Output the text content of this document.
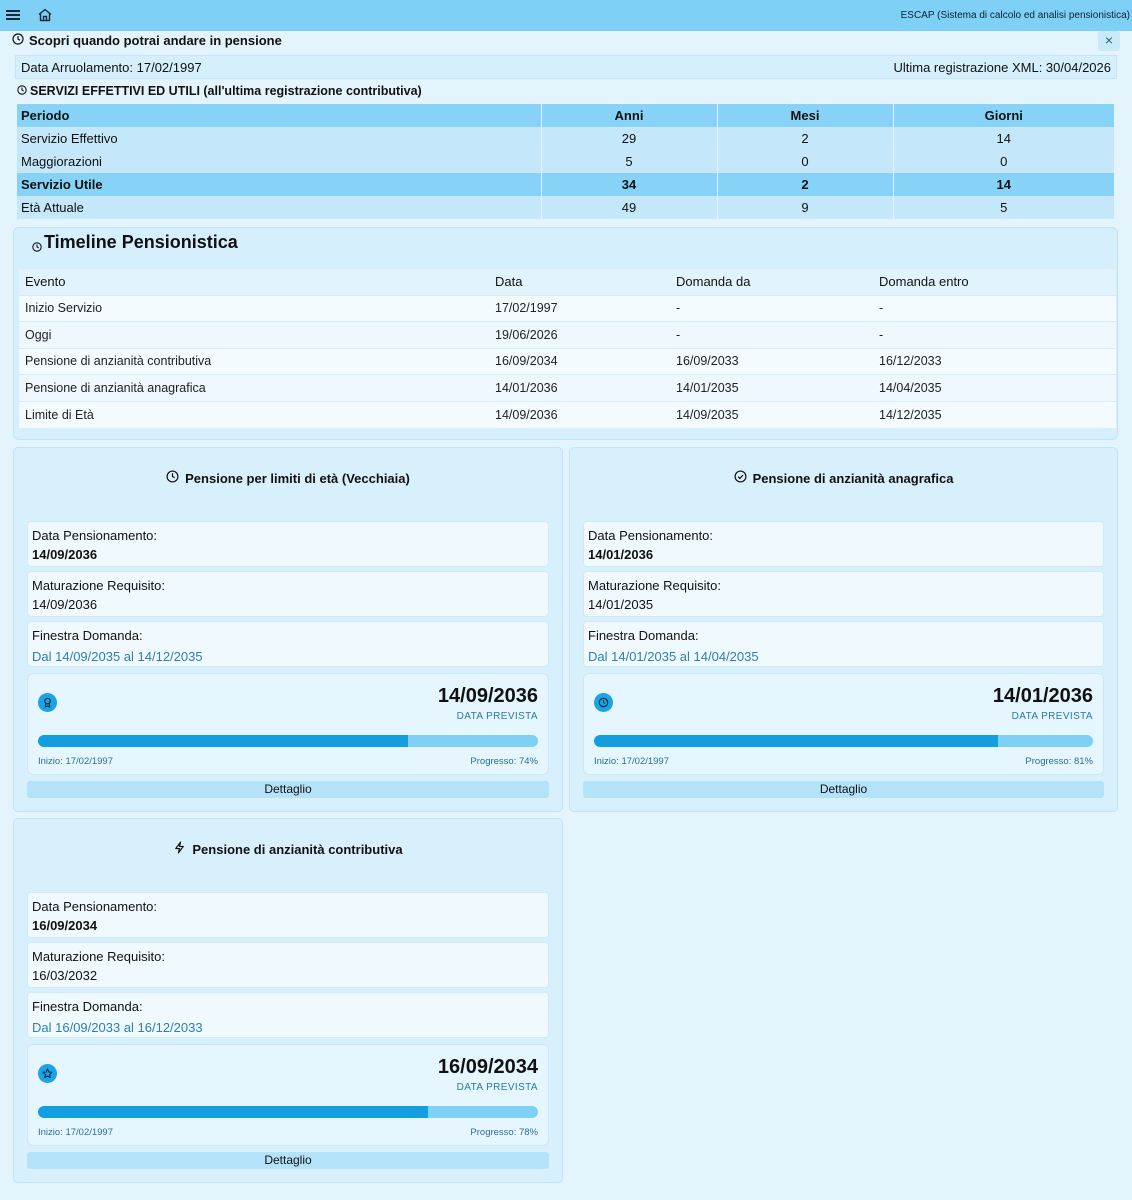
ESCAP (Sistema di calcolo ed analisi pensionistica)
Scopri quando potrai andare in pensione	×
Data Arruolamento: 17/02/1997	Ultima registrazione XML: 30/04/2026
SERVIZI EFFETTIVI ED UTILI (all'ultima registrazione contributiva)
Periodo	Anni	Mesi	Giorni
Servizio Effettivo	29	2	14
Maggiorazioni	5	0	0
Servizio Utile	34	2	14
Età Attuale	49	9	5
Timeline Pensionistica
Evento	Data	Domanda da	Domanda entro
Inizio Servizio	17/02/1997	-	-
Oggi	19/06/2026	-	-
Pensione di anzianità contributiva	16/09/2034	16/09/2033	16/12/2033
Pensione di anzianità anagrafica	14/01/2036	14/01/2035	14/04/2035
Limite di Età	14/09/2036	14/09/2035	14/12/2035
Pensione per limiti di età (Vecchiaia)
Data Pensionamento:
14/09/2036
Maturazione Requisito:
14/09/2036
Finestra Domanda:
Dal 14/09/2035 al 14/12/2035
14/09/2036
DATA PREVISTA
Inizio: 17/02/1997	Progresso: 74%
Dettaglio
Pensione di anzianità anagrafica
Data Pensionamento:
14/01/2036
Maturazione Requisito:
14/01/2035
Finestra Domanda:
Dal 14/01/2035 al 14/04/2035
14/01/2036
DATA PREVISTA
Inizio: 17/02/1997	Progresso: 81%
Dettaglio
Pensione di anzianità contributiva
Data Pensionamento:
16/09/2034
Maturazione Requisito:
16/03/2032
Finestra Domanda:
Dal 16/09/2033 al 16/12/2033
16/09/2034
DATA PREVISTA
Inizio: 17/02/1997	Progresso: 78%
Dettaglio
